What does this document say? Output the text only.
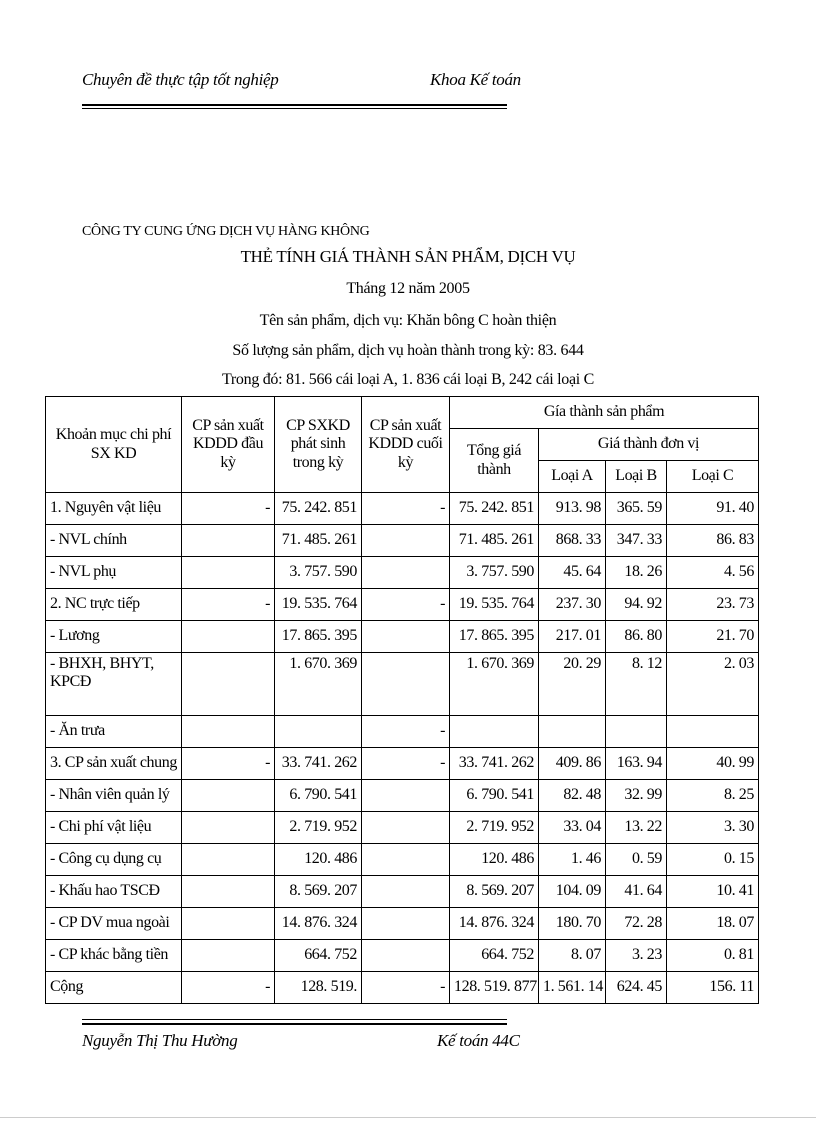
Chuyên đề thực tập tốt nghiệp	Khoa Kế toán
CÔNG TY CUNG ỨNG DỊCH VỤ HÀNG KHÔNG
THẺ TÍNH GIÁ THÀNH SẢN PHẨM, DỊCH VỤ
Tháng 12 năm 2005
Tên sản phẩm, dịch vụ: Khăn bông C hoàn thiện
Số lượng sản phẩm, dịch vụ hoàn thành trong kỳ: 83. 644
Trong đó: 81. 566 cái loại A, 1. 836 cái loại B, 242 cái loại C
Khoản mục chi phí SX KD	CP sản xuất KDDD đầu kỳ	CP SXKD phát sinh trong kỳ	CP sản xuất KDDD cuối kỳ	Gía thành sản phẩm			
				Tổng giá thành	Giá thành đơn vị		
					Loại A	Loại B	Loại C
1. Nguyên vật liệu	-	75. 242. 851	-	75. 242. 851	913. 98	365. 59	91. 40
- NVL chính		71. 485. 261		71. 485. 261	868. 33	347. 33	86. 83
- NVL phụ		3. 757. 590		3. 757. 590	45. 64	18. 26	4. 56
2. NC trực tiếp	-	19. 535. 764	-	19. 535. 764	237. 30	94. 92	23. 73
- Lương		17. 865. 395		17. 865. 395	217. 01	86. 80	21. 70
- BHXH, BHYT, KPCĐ		1. 670. 369		1. 670. 369	20. 29	8. 12	2. 03
- Ăn trưa			-				
3. CP sản xuất chung	-	33. 741. 262	-	33. 741. 262	409. 86	163. 94	40. 99
- Nhân viên quản lý		6. 790. 541		6. 790. 541	82. 48	32. 99	8. 25
- Chi phí vật liệu		2. 719. 952		2. 719. 952	33. 04	13. 22	3. 30
- Công cụ dụng cụ		120. 486		120. 486	1. 46	0. 59	0. 15
- Khấu hao TSCĐ		8. 569. 207		8. 569. 207	104. 09	41. 64	10. 41
- CP DV mua ngoài		14. 876. 324		14. 876. 324	180. 70	72. 28	18. 07
- CP khác bằng tiền		664. 752		664. 752	8. 07	3. 23	0. 81
Cộng	-	128. 519.	-	128. 519. 877	1. 561. 14	624. 45	156. 11
Nguyễn Thị Thu Hường	Kế toán 44C
